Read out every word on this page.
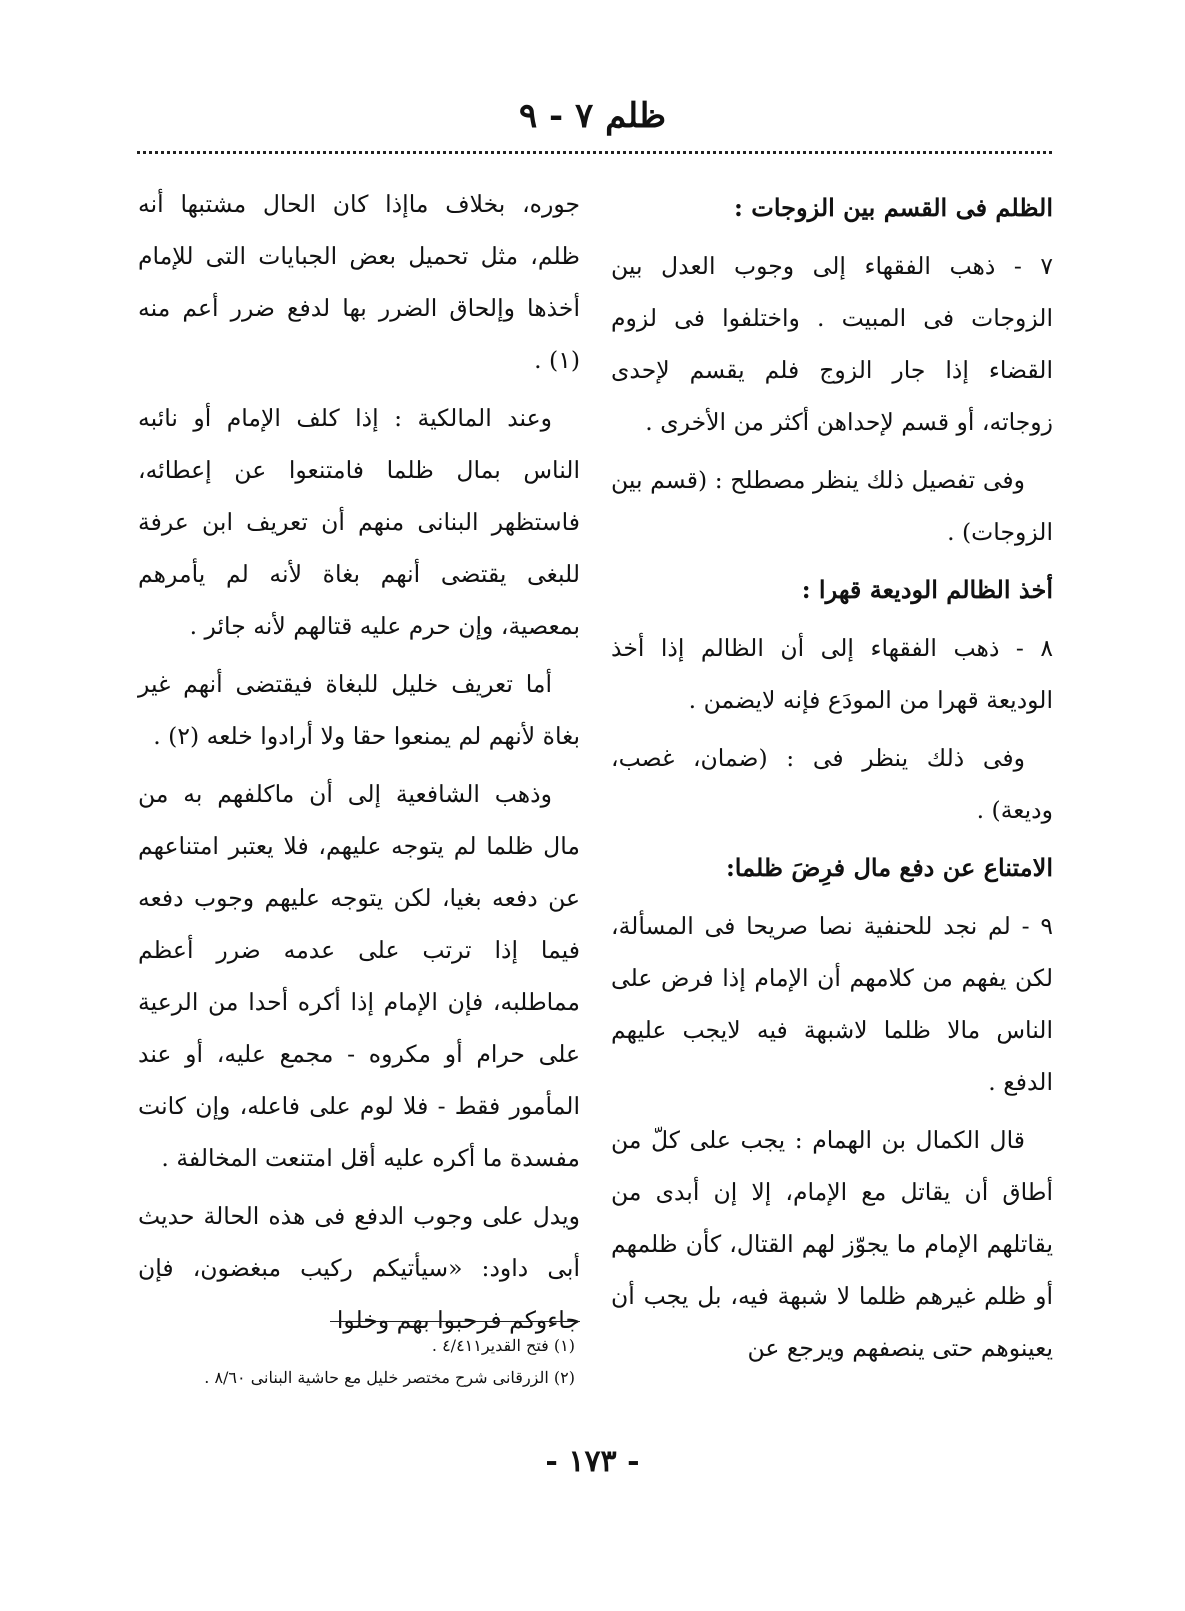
ظلم ٧ - ٩
الظلم فى القسم بين الزوجات :

٧ - ذهب الفقهاء إلى وجوب العدل بين الزوجات فى المبيت . واختلفوا فى لزوم القضاء إذا جار الزوج فلم يقسم لإحدى زوجاته، أو قسم لإحداهن أكثر من الأخرى .

وفى تفصيل ذلك ينظر مصطلح : (قسم بين الزوجات) .

أخذ الظالم الوديعة قهرا :

٨ - ذهب الفقهاء إلى أن الظالم إذا أخذ الوديعة قهرا من المودَع فإنه لايضمن .

وفى ذلك ينظر فى : (ضمان، غصب، وديعة) .

الامتناع عن دفع مال فرِضَ ظلما:

٩ - لم نجد للحنفية نصا صريحا فى المسألة، لكن يفهم من كلامهم أن الإمام إذا فرض على الناس مالا ظلما لاشبهة فيه لايجب عليهم الدفع .

قال الكمال بن الهمام : يجب على كلّ من أطاق أن يقاتل مع الإمام، إلا إن أبدى من يقاتلهم الإمام ما يجوّز لهم القتال، كأن ظلمهم أو ظلم غيرهم ظلما لا شبهة فيه، بل يجب أن يعينوهم حتى ينصفهم ويرجع عن

جوره، بخلاف ماإذا كان الحال مشتبها أنه ظلم، مثل تحميل بعض الجبايات التى للإمام أخذها وإلحاق الضرر بها لدفع ضرر أعم منه (١) .

وعند المالكية : إذا كلف الإمام أو نائبه الناس بمال ظلما فامتنعوا عن إعطائه، فاستظهر البنانى منهم أن تعريف ابن عرفة للبغى يقتضى أنهم بغاة لأنه لم يأمرهم بمعصية، وإن حرم عليه قتالهم لأنه جائر .

أما تعريف خليل للبغاة فيقتضى أنهم غير بغاة لأنهم لم يمنعوا حقا ولا أرادوا خلعه (٢) .

وذهب الشافعية إلى أن ماكلفهم به من مال ظلما لم يتوجه عليهم، فلا يعتبر امتناعهم عن دفعه بغيا، لكن يتوجه عليهم وجوب دفعه فيما إذا ترتب على عدمه ضرر أعظم مماطلبه، فإن الإمام إذا أكره أحدا من الرعية على حرام أو مكروه - مجمع عليه، أو عند المأمور فقط - فلا لوم على فاعله، وإن كانت مفسدة ما أكره عليه أقل امتنعت المخالفة .

ويدل على وجوب الدفع فى هذه الحالة حديث أبى داود: «سيأتيكم ركيب مبغضون، فإن جاءوكم فرحبوا بهم وخلوا

(١) فتح القدير٤/٤١١ .
(٢) الزرقانى شرح مختصر خليل مع حاشية البنانى ٨/٦٠ .
- ١٧٣ -
